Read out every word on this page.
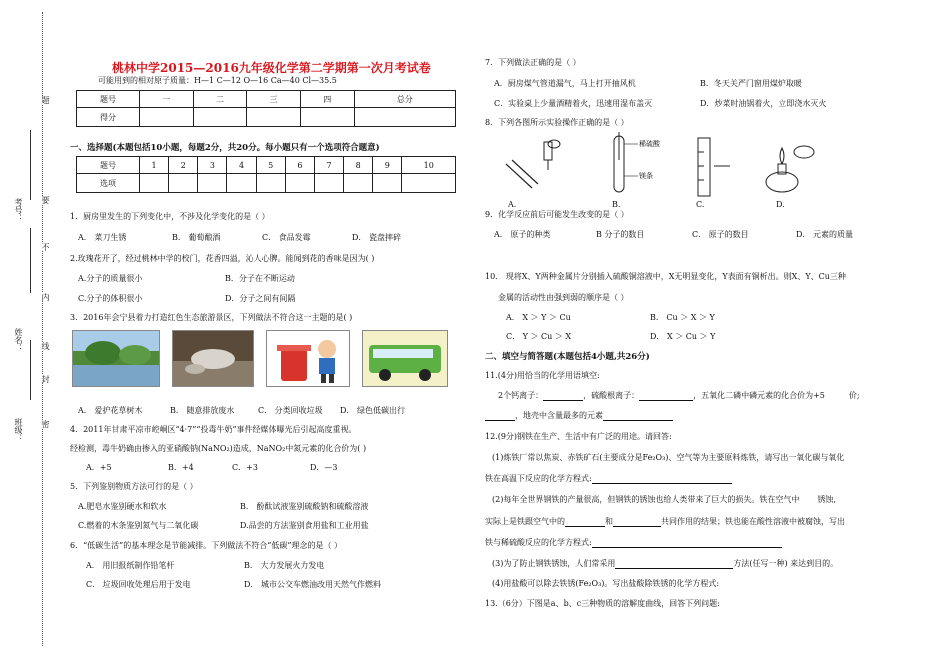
题
要
不
内
线
封
密
考号：
姓名：
班级：
桃林中学2015—2016九年级化学第二学期第一次月考试卷
可能用到的相对原子质量：H—1 C—12 O—16 Ca—40 Cl—35.5
题号	一	二	三	四	总分
得分					
一、选择题(本题包括10小题，每题2分，共20分。每小题只有一个选项符合题意)
题号	1	2	3	4	5	6	7	8	9	10
选项										
1．厨房里发生的下列变化中，不涉及化学变化的是（ ）
A． 菜刀生锈	B． 葡萄酿酒	C． 食品发霉	D． 瓷盘摔碎
2.玫瑰花开了，经过桃林中学的校门，花香四溢，沁人心脾。能闻到花的香味是因为( )
A.分子的质量很小	B．分子在不断运动
C.分子的体积很小	D．分子之间有间隔
3．2016年会宁县着力打造红色生态旅游景区，下列做法不符合这一主题的是( )
A． 爱护花草树木	B． 随意排放废水	C． 分类回收垃圾 D． 绿色低碳出行
4．2011年甘肃平凉市崆峒区“4·7”“投毒牛奶”事件经媒体曝光后引起高度重视。
经检测，毒牛奶确由掺入的亚硝酸钠(NaNO₂)造成，NaNO₂中氮元素的化合价为( )
A．+5	B．+4	C．+3	D．—3
5．下列鉴别物质方法可行的是（ ）
A.肥皂水鉴别硬水和软水	B． 酚酞试液鉴别硫酸钠和硫酸溶液
C.燃着的木条鉴别氮气与二氧化碳	D.品尝的方法鉴别食用盐和工业用盐
6．“低碳生活”的基本理念是节能减排。下列做法不符合“低碳”理念的是（ ）
A． 用旧报纸制作铅笔杆	B． 大力发展火力发电
C． 垃圾回收处理后用于发电	D． 城市公交车燃油改用天然气作燃料
7．下列做法正确的是（ ）
A．厨房煤气管道漏气，马上打开抽风机	B．冬天关严门窗用煤炉取暖
C．实验桌上少量酒精着火，迅速用湿布盖灭	D．炒菜时油锅着火，立即浇水灭火
8．下列各图所示实验操作正确的是（ ）
稀硫酸
镁条
A.	B.	C.	D.
9．化学反应前后可能发生改变的是（ ）
A． 原子的种类	B 分子的数目	C． 原子的数目	D． 元素的质量
10． 现将X、Y两种金属片分别插入硫酸铜溶液中，X无明显变化，Y表面有铜析出。则X、Y、Cu三种
金属的活动性由强到弱的顺序是（ ）
A． X ＞ Y ＞ Cu	B． Cu ＞ X ＞ Y
C． Y ＞ Cu ＞ X	D． X ＞ Cu ＞ Y
二、填空与简答题(本题包括4小题,共26分)
11.(4分)用恰当的化学用语填空:
2个钙离子：	，硫酸根离子：	，五氧化二磷中磷元素的化合价为+5	价;
，地壳中含量最多的元素
12.(9分)钢铁在生产、生活中有广泛的用途。请回答:
(1)炼铁厂常以焦炭、赤铁矿石(主要成分是Fe₂O₃)、空气等为主要原料炼铁，请写出一氧化碳与氧化
铁在高温下反应的化学方程式:
(2)每年全世界钢铁的产量很高，但钢铁的锈蚀也给人类带来了巨大的损失。铁在空气中 锈蚀,
实际上是铁跟空气中的	和	共同作用的结果；铁也能在酸性溶液中被腐蚀，写出
铁与稀硫酸反应的化学方程式:
(3)为了防止钢铁锈蚀，人们常采用	方法(任写一种) 来达到目的。
(4)用盐酸可以除去铁锈(Fe₂O₃)。写出盐酸除铁锈的化学方程式:
13.（6分）下图是a、b、c三种物质的溶解度曲线，回答下列问题:
